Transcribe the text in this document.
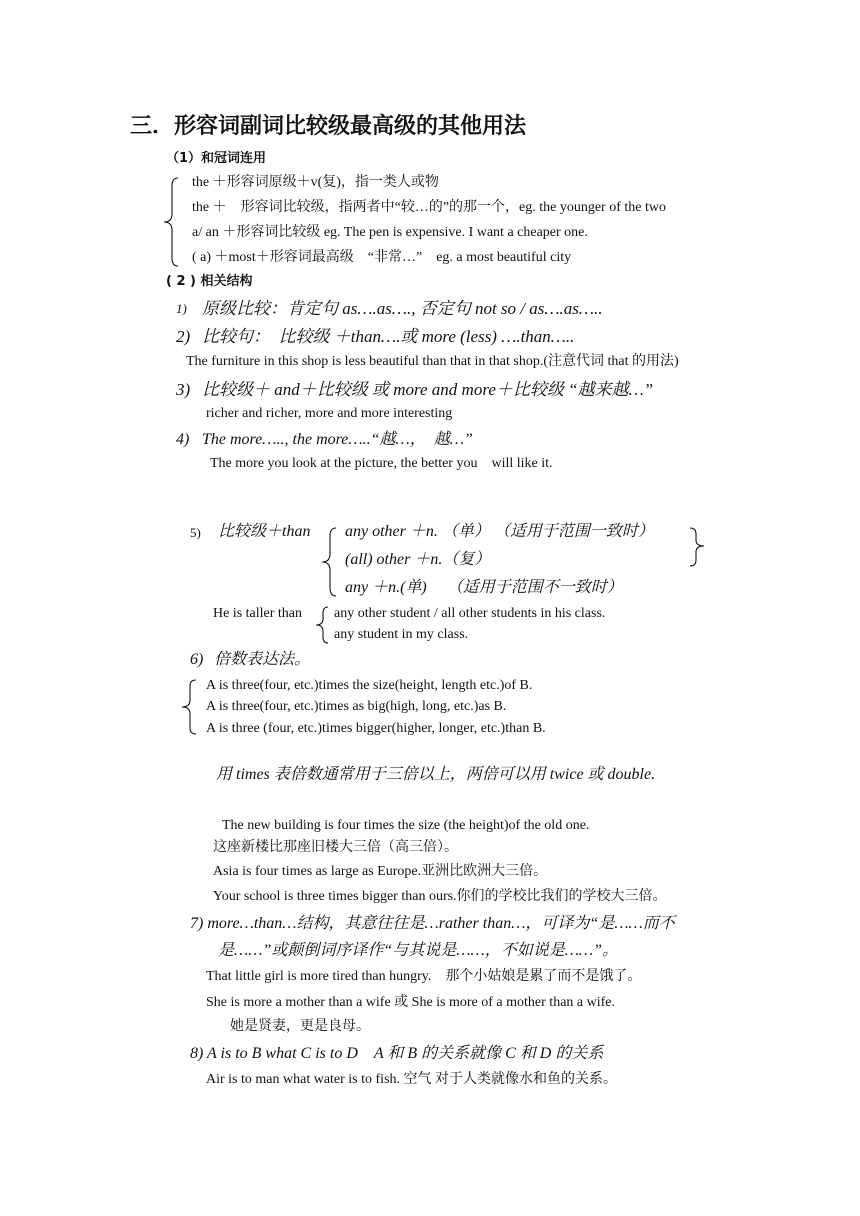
三．形容词副词比较级最高级的其他用法
（1）和冠词连用
the ＋形容词原级＋v(复)，指一类人或物
the ＋　形容词比较级，指两者中“较…的”的那一个，eg. the younger of the two
a/ an ＋形容词比较级 eg. The pen is expensive. I want a cheaper one.
( a) ＋most＋形容词最高级　“非常…”　eg. a most beautiful city
( 2 ) 相关结构
1) 原级比较：肯定句 as….as…., 否定句 not so / as….as…..
2) 比较句：　比较级 ＋than….或 more (less) ….than…..
The furniture in this shop is less beautiful than that in that shop.(注意代词 that 的用法)
3) 比较级＋ and＋比较级 或 more and more＋比较级 “越来越…”
richer and richer, more and more interesting
4) The more….., the more…..“越…，　越…”
The more you look at the picture, the better you　will like it.
5) 比较级＋than any other ＋n. （单） （适用于范围一致时）
(all) other ＋n.（复）
any ＋n.(单)　 （适用于范围不一致时）
He is taller than any other student / all other students in his class.
any student in my class.
6) 倍数表达法。
A is three(four, etc.)times the size(height, length etc.)of B.
A is three(four, etc.)times as big(high, long, etc.)as B.
A is three (four, etc.)times bigger(higher, longer, etc.)than B.
用 times 表倍数通常用于三倍以上，两倍可以用 twice 或 double.
The new building is four times the size (the height)of the old one.
这座新楼比那座旧楼大三倍（高三倍）。
Asia is four times as large as Europe.亚洲比欧洲大三倍。
Your school is three times bigger than ours.你们的学校比我们的学校大三倍。
7) more…than…结构，其意往往是…rather than…，可译为“是……而不
是……”或颠倒词序译作“与其说是……，不如说是……”。
That little girl is more tired than hungry.　那个小姑娘是累了而不是饿了。
She is more a mother than a wife 或 She is more of a mother than a wife.
她是贤妻，更是良母。
8) A is to B what C is to D　A 和 B 的关系就像 C 和 D 的关系
Air is to man what water is to fish. 空气 对于人类就像水和鱼的关系。
